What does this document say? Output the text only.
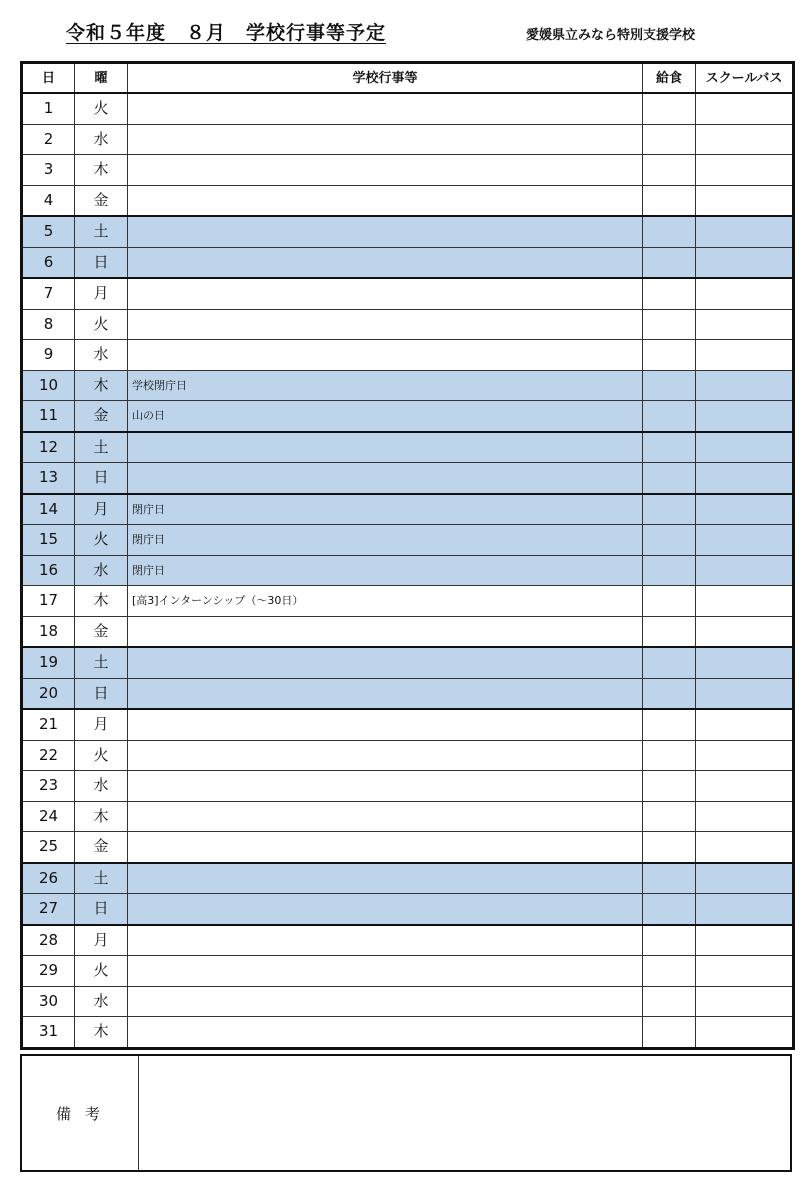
令和５年度　８月　学校行事等予定	愛媛県立みなら特別支援学校
日	曜	学校行事等	給食	スクールバス
1	火			
2	水			
3	木			
4	金			
5	土			
6	日			
7	月			
8	火			
9	水			
10	木	学校閉庁日		
11	金	山の日		
12	土			
13	日			
14	月	閉庁日		
15	火	閉庁日		
16	水	閉庁日		
17	木	[高3]インターンシップ（～30日）		
18	金			
19	土			
20	日			
21	月			
22	火			
23	水			
24	木			
25	金			
26	土			
27	日			
28	月			
29	火			
30	水			
31	木			
備考	
